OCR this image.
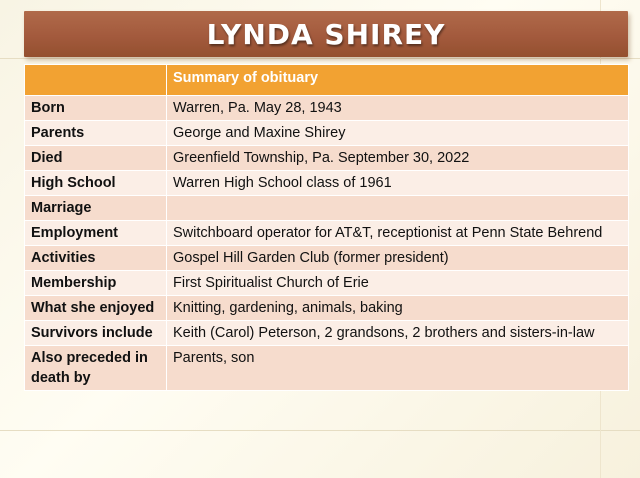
LYNDA SHIREY
	Summary of obituary
Born	Warren, Pa. May 28, 1943
Parents	George and Maxine Shirey
Died	Greenfield Township, Pa. September 30, 2022
High School	Warren High School class of 1961
Marriage	
Employment	Switchboard operator for AT&T, receptionist at Penn State Behrend
Activities	Gospel Hill Garden Club (former president)
Membership	First Spiritualist Church of Erie
What she enjoyed	Knitting, gardening, animals, baking
Survivors include	Keith (Carol) Peterson, 2 grandsons, 2 brothers and sisters-in-law
Also preceded in death by	Parents, son
